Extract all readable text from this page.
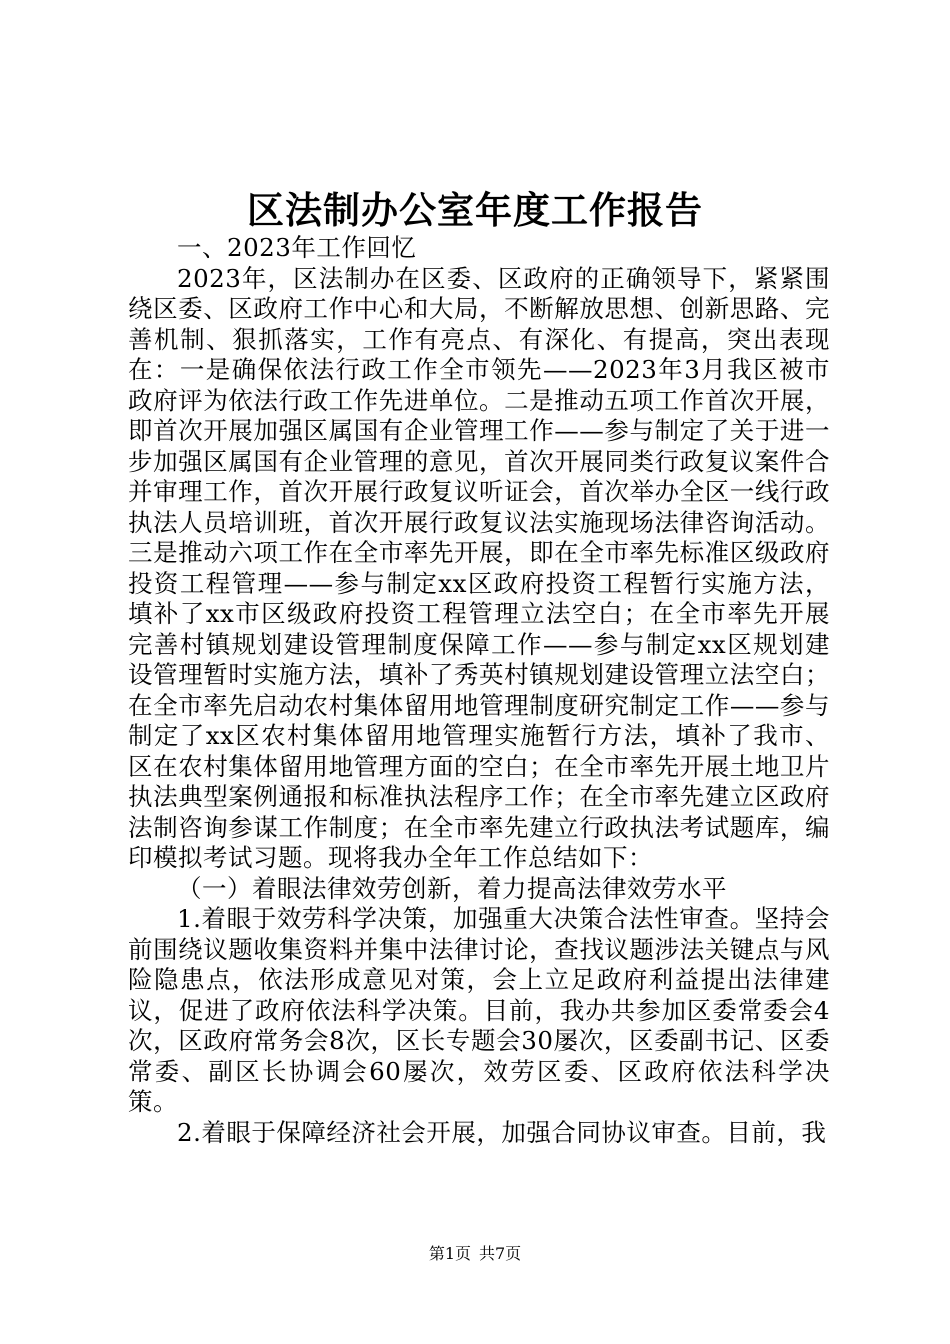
区法制办公室年度工作报告

一、2023年工作回忆

2023年，区法制办在区委、区政府的正确领导下，紧紧围绕区委、区政府工作中心和大局，不断解放思想、创新思路、完善机制、狠抓落实，工作有亮点、有深化、有提高，突出表现在：一是确保依法行政工作全市领先——2023年3月我区被市政府评为依法行政工作先进单位。二是推动五项工作首次开展，即首次开展加强区属国有企业管理工作——参与制定了关于进一步加强区属国有企业管理的意见，首次开展同类行政复议案件合并审理工作，首次开展行政复议听证会，首次举办全区一线行政执法人员培训班，首次开展行政复议法实施现场法律咨询活动。三是推动六项工作在全市率先开展，即在全市率先标准区级政府投资工程管理——参与制定xx区政府投资工程暂行实施方法，填补了xx市区级政府投资工程管理立法空白；在全市率先开展完善村镇规划建设管理制度保障工作——参与制定xx区规划建设管理暂时实施方法，填补了秀英村镇规划建设管理立法空白；在全市率先启动农村集体留用地管理制度研究制定工作——参与制定了xx区农村集体留用地管理实施暂行方法，填补了我市、区在农村集体留用地管理方面的空白；在全市率先开展土地卫片执法典型案例通报和标准执法程序工作；在全市率先建立区政府法制咨询参谋工作制度；在全市率先建立行政执法考试题库，编印模拟考试习题。现将我办全年工作总结如下：

（一）着眼法律效劳创新，着力提高法律效劳水平

1.着眼于效劳科学决策，加强重大决策合法性审查。坚持会前围绕议题收集资料并集中法律讨论，查找议题涉法关键点与风险隐患点，依法形成意见对策，会上立足政府利益提出法律建议，促进了政府依法科学决策。目前，我办共参加区委常委会4次，区政府常务会8次，区长专题会30屡次，区委副书记、区委常委、副区长协调会60屡次，效劳区委、区政府依法科学决策。

2.着眼于保障经济社会开展，加强合同协议审查。目前，我

第1页 共7页
